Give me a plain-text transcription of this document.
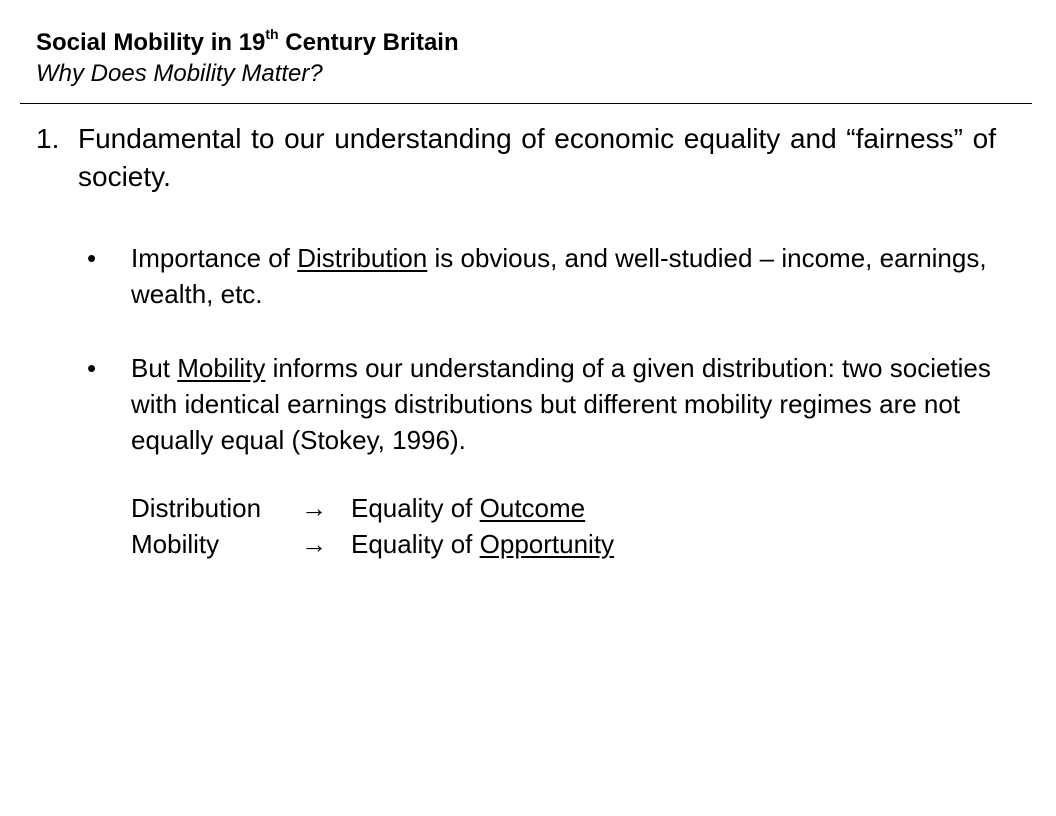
Social Mobility in 19th Century Britain
Why Does Mobility Matter?
1. Fundamental to our understanding of economic equality and “fairness” of society.
• Importance of Distribution is obvious, and well-studied – income, earnings, wealth, etc.
• But Mobility informs our understanding of a given distribution: two societies with identical earnings distributions but different mobility regimes are not equally equal (Stokey, 1996).
Distribution	→ Equality of Outcome
Mobility	→ Equality of Opportunity
